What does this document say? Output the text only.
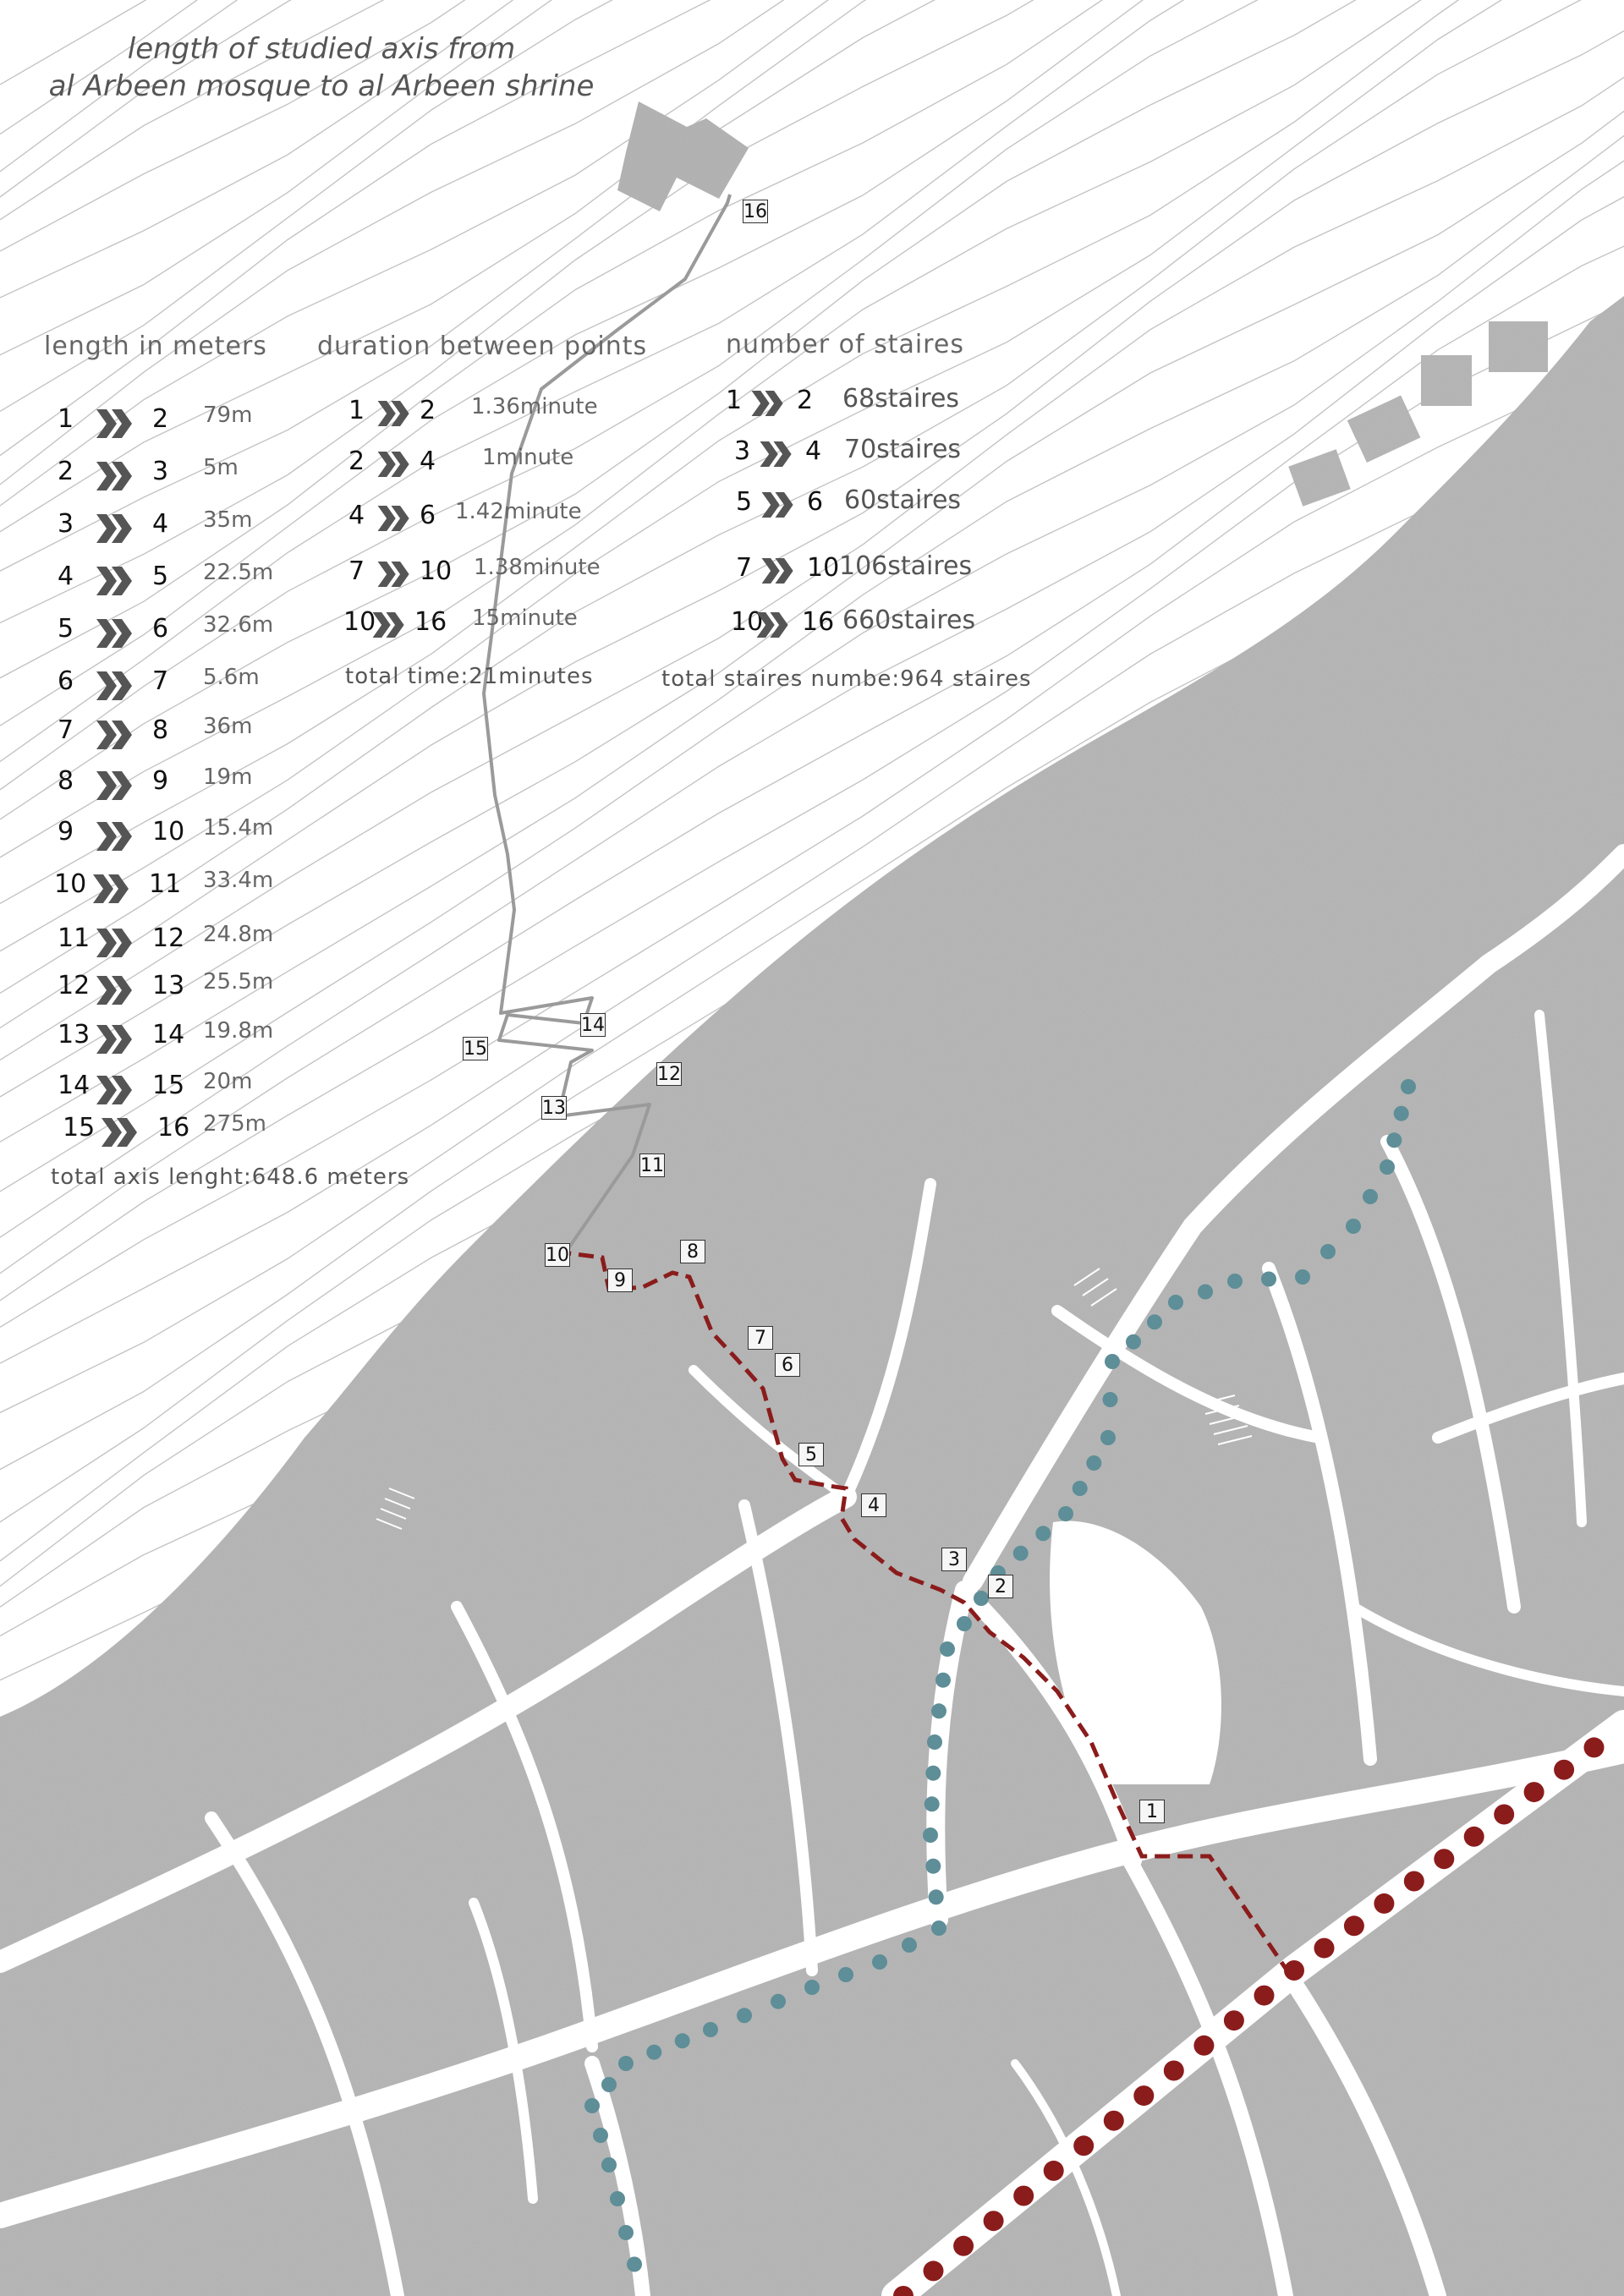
length of studied axis from
al Arbeen mosque to al Arbeen shrine
length in meters
1	2 79m
2	3 5m
3	4 35m
4	5 22.5m
5	6 32.6m
6	7 5.6m
7	8 36m
8	9 19m
9	10 15.4m
10 11 33.4m
11 12 24.8m
12 13 25.5m
13 14 19.8m
14 15 20m
15 16 275m
total axis lenght:648.6 meters
duration between points
1 2 1.36minute
2 4 1minute
4 6 1.42minute
7 10 1.38minute
10 16 15minute
total time:21minutes
number of staires
1 2 68staires
3 4 70staires
5 6 60staires
7 10 106staires
10 16 660staires
total staires numbe:964 staires
1
2
3
4
5
6
7
8
9
10
11
12
13
14
15
16
